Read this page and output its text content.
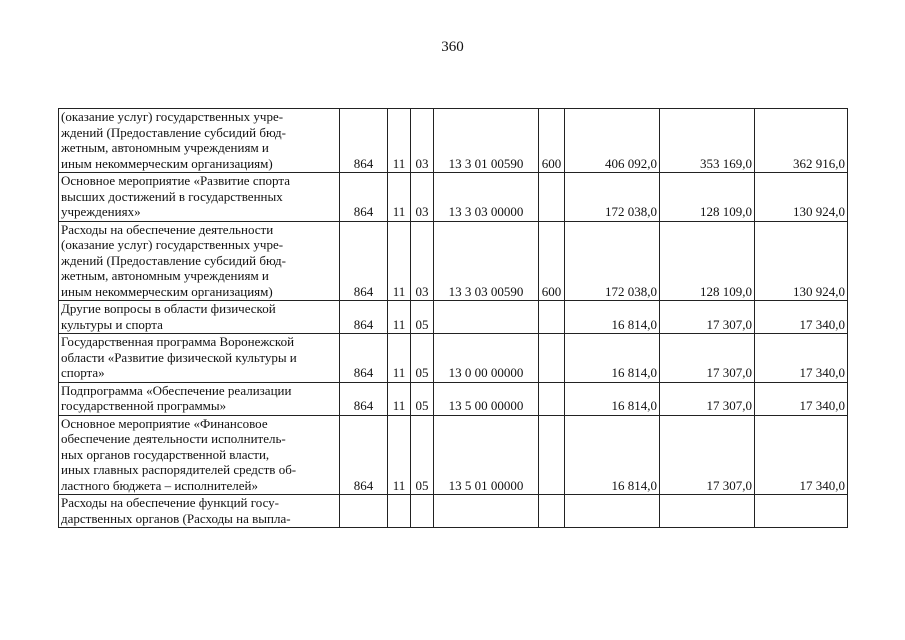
360
(оказание услуг) государственных учре-
ждений (Предоставление субсидий бюд-
жетным, автономным учреждениям и
иным некоммерческим организациям)	864	11	03	13 3 01 00590	600	406 092,0	353 169,0	362 916,0
Основное мероприятие «Развитие спорта
высших достижений в государственных
учреждениях»	864	11	03	13 3 03 00000		172 038,0	128 109,0	130 924,0
Расходы на обеспечение деятельности
(оказание услуг) государственных учре-
ждений (Предоставление субсидий бюд-
жетным, автономным учреждениям и
иным некоммерческим организациям)	864	11	03	13 3 03 00590	600	172 038,0	128 109,0	130 924,0
Другие вопросы в области физической
культуры и спорта	864	11	05			16 814,0	17 307,0	17 340,0
Государственная программа Воронежской
области «Развитие физической культуры и
спорта»	864	11	05	13 0 00 00000		16 814,0	17 307,0	17 340,0
Подпрограмма «Обеспечение реализации
государственной программы»	864	11	05	13 5 00 00000		16 814,0	17 307,0	17 340,0
Основное мероприятие «Финансовое
обеспечение деятельности исполнитель-
ных органов государственной власти,
иных главных распорядителей средств об-
ластного бюджета – исполнителей»	864	11	05	13 5 01 00000		16 814,0	17 307,0	17 340,0
Расходы на обеспечение функций госу-
дарственных органов (Расходы на выпла-								
